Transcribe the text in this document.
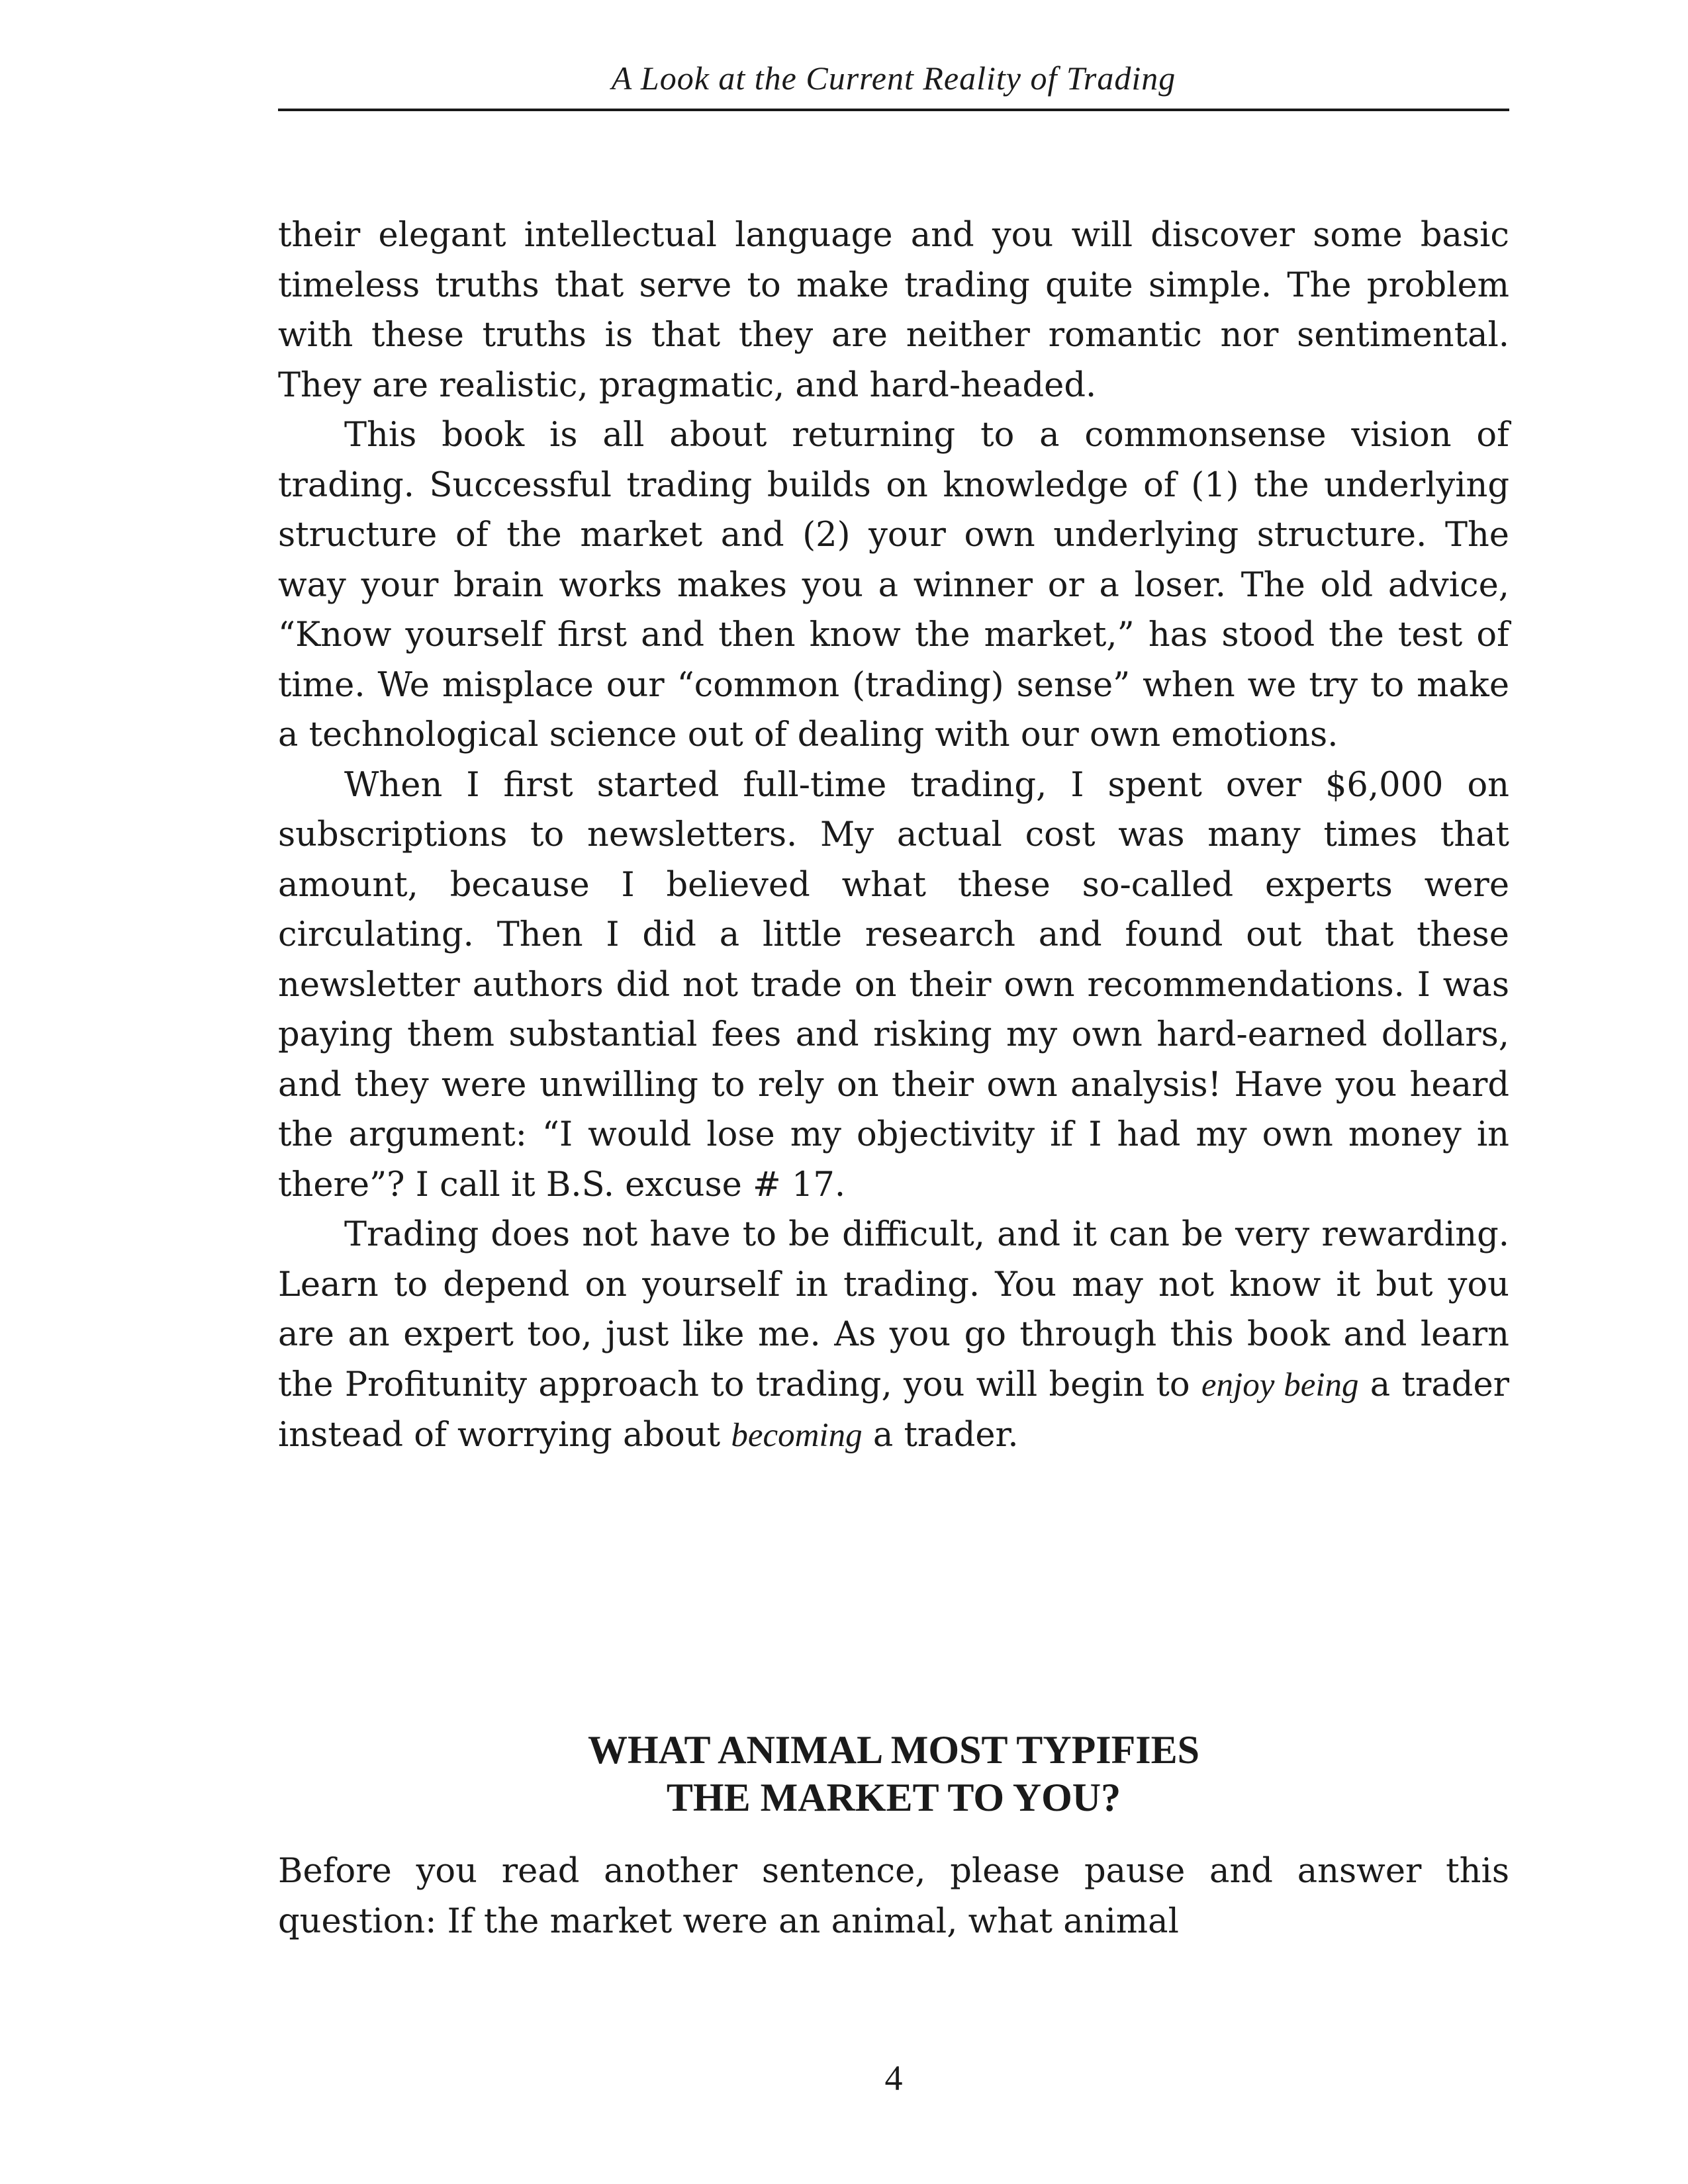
A Look at the Current Reality of Trading

their elegant intellectual language and you will discover some basic timeless truths that serve to make trading quite simple. The problem with these truths is that they are neither romantic nor sentimental. They are realistic, pragmatic, and hard-headed.

This book is all about returning to a commonsense vision of trading. Successful trading builds on knowledge of (1) the underlying structure of the market and (2) your own underlying structure. The way your brain works makes you a winner or a loser. The old advice, “Know yourself first and then know the market,” has stood the test of time. We misplace our “common (trading) sense” when we try to make a technological science out of dealing with our own emotions.

When I first started full-time trading, I spent over $6,000 on subscriptions to newsletters. My actual cost was many times that amount, because I believed what these so-called experts were circulating. Then I did a little research and found out that these newsletter authors did not trade on their own recommendations. I was paying them substantial fees and risking my own hard-earned dollars, and they were unwilling to rely on their own analysis! Have you heard the argument: “I would lose my objectivity if I had my own money in there”? I call it B.S. excuse # 17.

Trading does not have to be difficult, and it can be very rewarding. Learn to depend on yourself in trading. You may not know it but you are an expert too, just like me. As you go through this book and learn the Profitunity approach to trading, you will begin to enjoy being a trader instead of worrying about becoming a trader.

WHAT ANIMAL MOST TYPIFIES
THE MARKET TO YOU?

Before you read another sentence, please pause and answer this question: If the market were an animal, what animal

4
